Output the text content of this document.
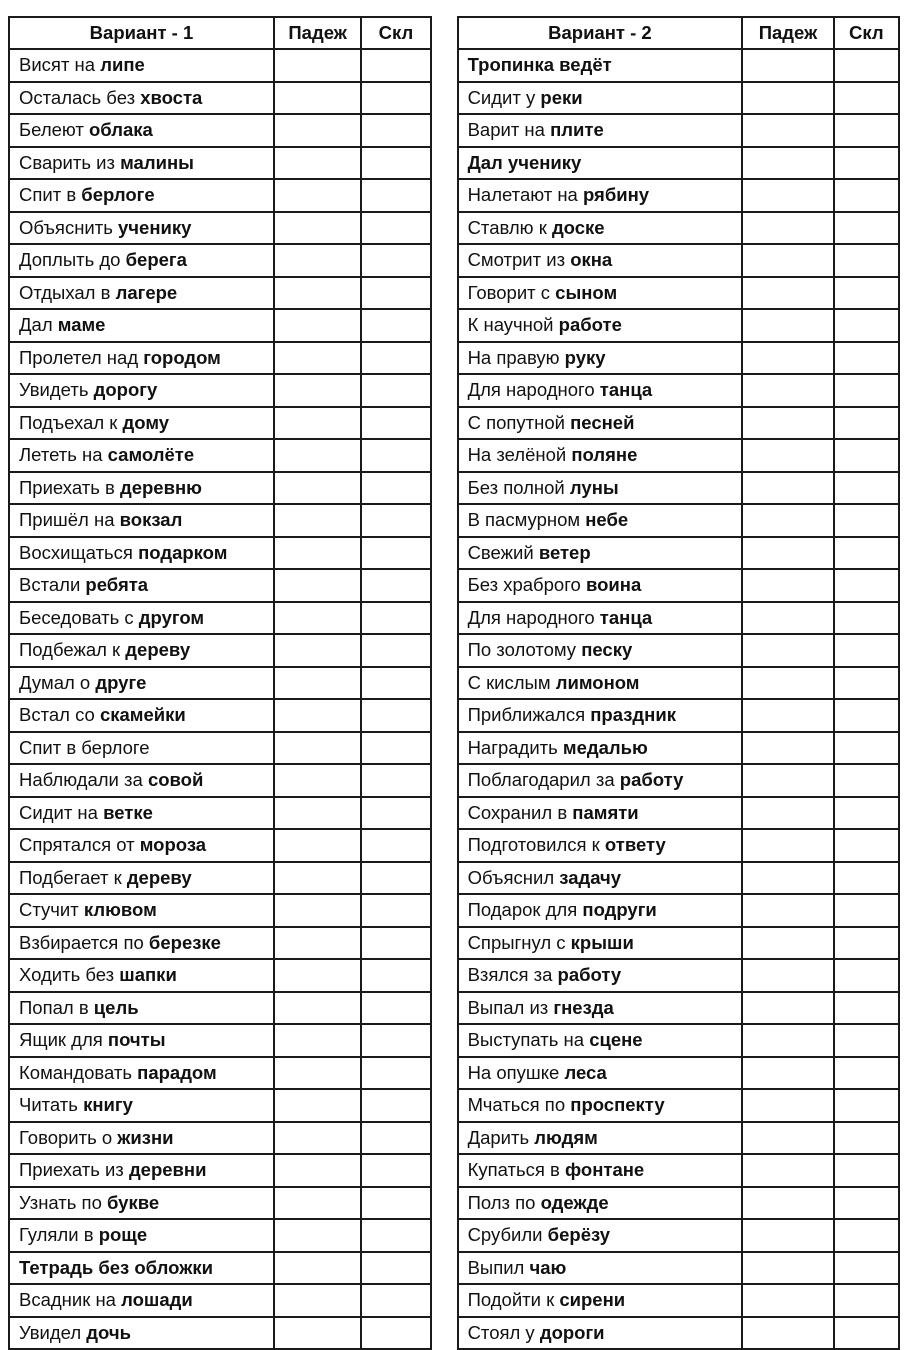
Вариант - 1	Падеж	Скл
Висят на липе		
Осталась без хвоста		
Белеют облака		
Сварить из малины		
Спит в берлоге		
Объяснить ученику		
Доплыть до берега		
Отдыхал в лагере		
Дал маме		
Пролетел над городом		
Увидеть дорогу		
Подъехал к дому		
Лететь на самолёте		
Приехать в деревню		
Пришёл на вокзал		
Восхищаться подарком		
Встали ребята		
Беседовать с другом		
Подбежал к дереву		
Думал о друге		
Встал со скамейки		
Спит в берлоге		
Наблюдали за совой		
Сидит на ветке		
Спрятался от мороза		
Подбегает к дереву		
Стучит клювом		
Взбирается по березке		
Ходить без шапки		
Попал в цель		
Ящик для почты		
Командовать парадом		
Читать книгу		
Говорить о жизни		
Приехать из деревни		
Узнать по букве		
Гуляли в роще		
Тетрадь без обложки		
Всадник на лошади		
Увидел дочь		
Вариант - 2	Падеж	Скл
Тропинка ведёт		
Сидит у реки		
Варит на плите		
Дал ученику		
Налетают на рябину		
Ставлю к доске		
Смотрит из окна		
Говорит с сыном		
К научной работе		
На правую руку		
Для народного танца		
С попутной песней		
На зелёной поляне		
Без полной луны		
В пасмурном небе		
Свежий ветер		
Без храброго воина		
Для народного танца		
По золотому песку		
С кислым лимоном		
Приближался праздник		
Наградить медалью		
Поблагодарил за работу		
Сохранил в памяти		
Подготовился к ответу		
Объяснил задачу		
Подарок для подруги		
Спрыгнул с крыши		
Взялся за работу		
Выпал из гнезда		
Выступать на сцене		
На опушке леса		
Мчаться по проспекту		
Дарить людям		
Купаться в фонтане		
Полз по одежде		
Срубили берёзу		
Выпил чаю		
Подойти к сирени		
Стоял у дороги		
